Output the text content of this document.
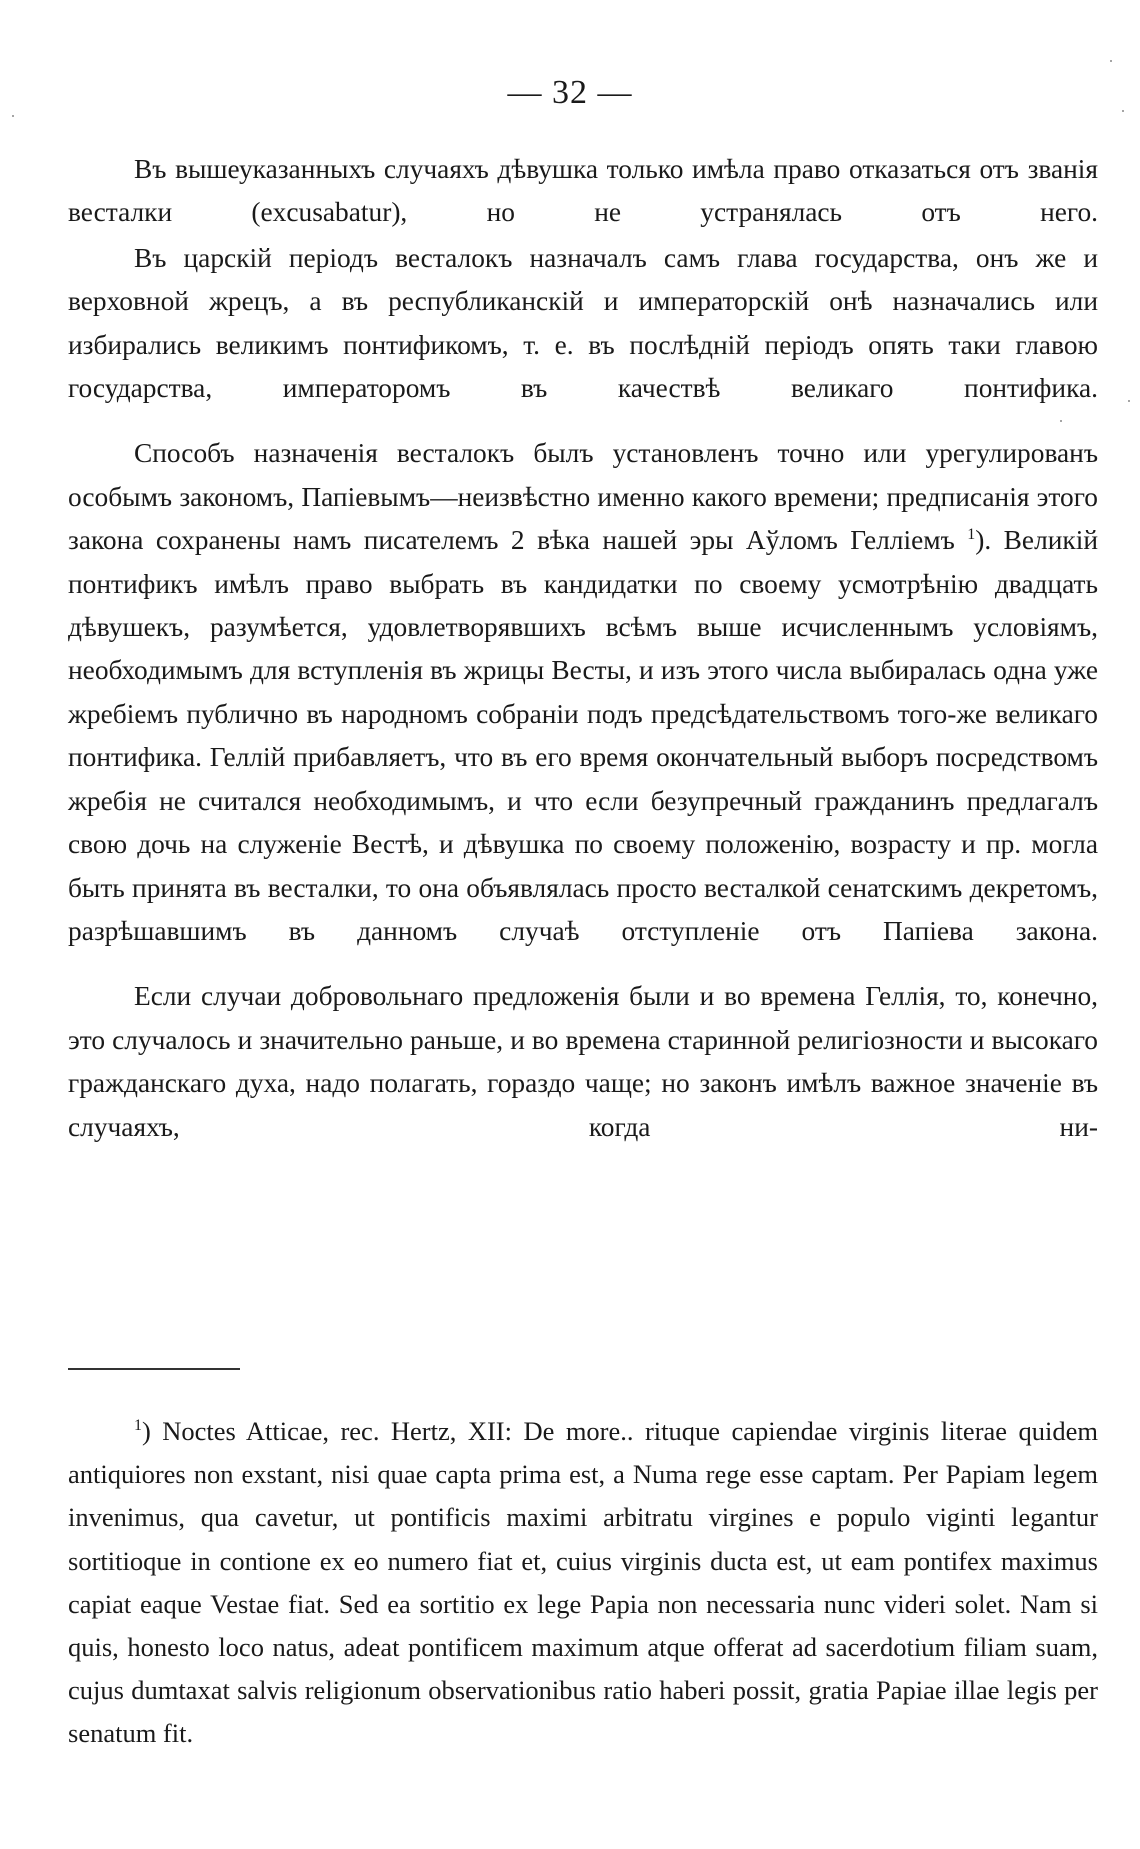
— 32 —

Въ вышеуказанныхъ случаяхъ дѣвушка только имѣла право отказаться отъ званія весталки (excusabatur), но не устранялась отъ него.

Въ царскій періодъ весталокъ назначалъ самъ глава государства, онъ же и верховной жрецъ, а въ республиканскій и императорскій онѣ назначались или избирались великимъ понтификомъ, т. е. въ послѣдній періодъ опять таки главою государства, императоромъ въ качествѣ великаго понтифика.

Способъ назначенія весталокъ былъ установленъ точно или урегулированъ особымъ закономъ, Папіевымъ—неизвѣстно именно какого времени; предписанія этого закона сохранены намъ писателемъ 2 вѣка нашей эры Аўломъ Гелліемъ $^1$). Великій понтификъ имѣлъ право выбрать въ кандидатки по своему усмотрѣнію двадцать дѣвушекъ, разумѣется, удовлетворявшихъ всѣмъ выше исчисленнымъ условіямъ, необходимымъ для вступленія въ жрицы Весты, и изъ этого числа выбиралась одна уже жребіемъ публично въ народномъ собраніи подъ предсѣдательствомъ того-же великаго понтифика. Геллій прибавляетъ, что въ его время окончательный выборъ посредствомъ жребія не считался необходимымъ, и что если безупречный гражданинъ предлагалъ свою дочь на служеніе Вестѣ, и дѣвушка по своему положенію, возрасту и пр. могла быть принята въ весталки, то она объявлялась просто весталкой сенатскимъ декретомъ, разрѣшавшимъ въ данномъ случаѣ отступленіе отъ Папіева закона.

Если случаи добровольнаго предложенія были и во времена Геллія, то, конечно, это случалось и значительно раньше, и во времена старинной религіозности и высокаго гражданскаго духа, надо полагать, гораздо чаще; но законъ имѣлъ важное значеніе въ случаяхъ, когда ни-

$^1$) Noctes Atticae, rec. Hertz, XII: De more.. rituque capiendae virginis literae quidem antiquiores non exstant, nisi quae capta prima est, a Numa rege esse captam. Per Papiam legem invenimus, qua cavetur, ut pontificis maximi arbitratu virgines e populo viginti legantur sortitioque in contione ex eo numero fiat et, cuius virginis ducta est, ut eam pontifex maximus capiat eaque Vestae fiat. Sed ea sortitio ex lege Papia non necessaria nunc videri solet. Nam si quis, honesto loco natus, adeat pontificem maximum atque offerat ad sacerdotium filiam suam, cujus dumtaxat salvis religionum observationibus ratio haberi possit, gratia Papiae illae legis per senatum fit.
